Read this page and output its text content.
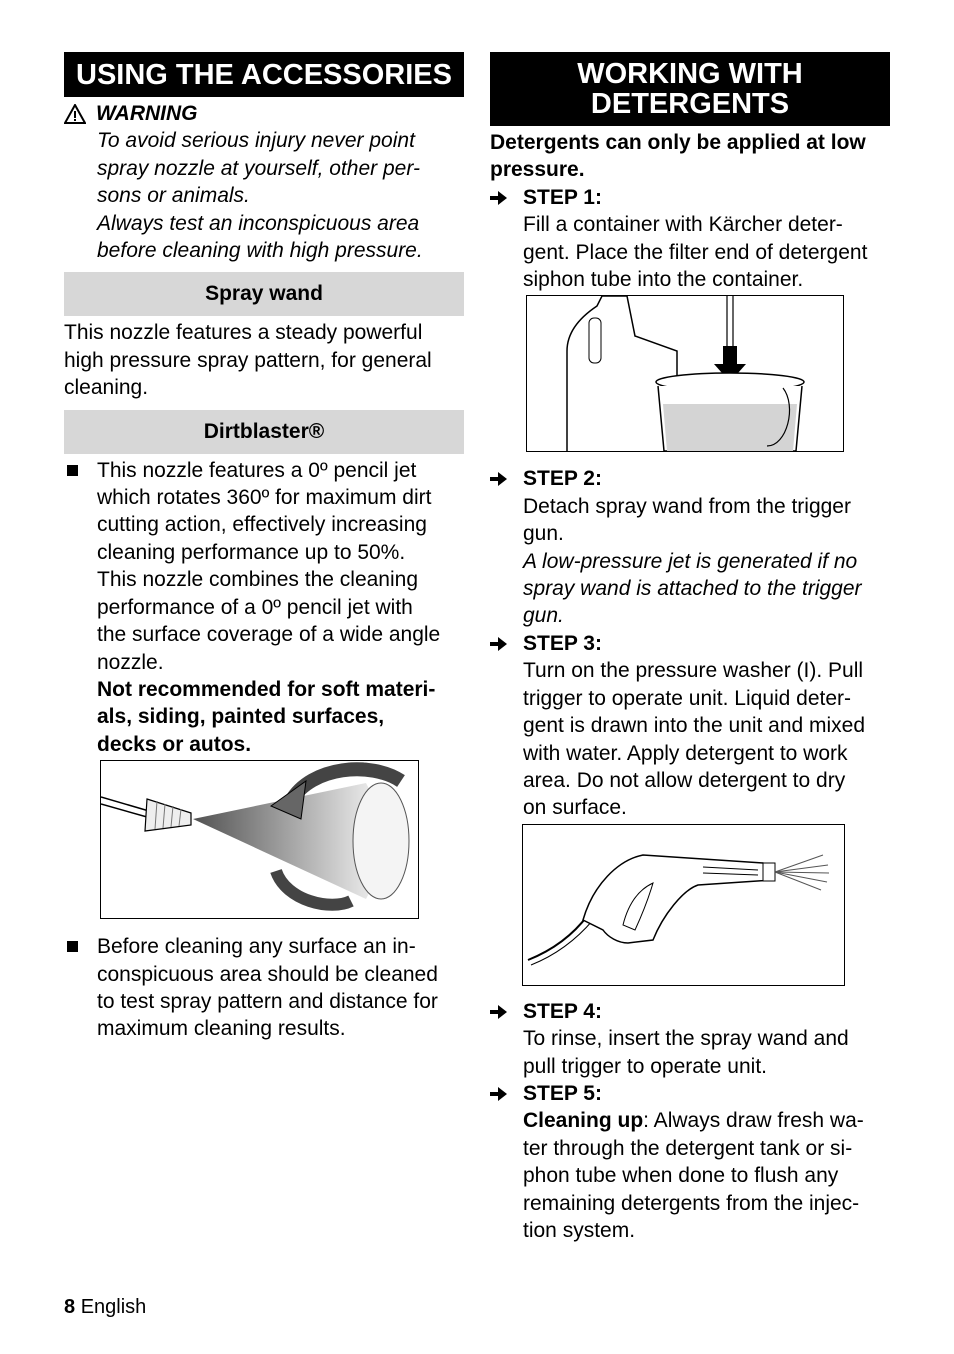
USING THE ACCESSORIES
WARNING
To avoid serious injury never point
spray nozzle at yourself, other per-
sons or animals.
Always test an inconspicuous area
before cleaning with high pressure.
Spray wand
This nozzle features a steady powerful
high pressure spray pattern, for general
cleaning.
Dirtblaster®
This nozzle features a 0º pencil jet
which rotates 360º for maximum dirt
cutting action, effectively increasing
cleaning performance up to 50%.
This nozzle combines the cleaning
performance of a 0º pencil jet with
the surface coverage of a wide angle
nozzle.
Not recommended for soft materi-
als, siding, painted surfaces,
decks or autos.
Before cleaning any surface an in-
conspicuous area should be cleaned
to test spray pattern and distance for
maximum cleaning results.
WORKING WITH
DETERGENTS
Detergents can only be applied at low
pressure.
STEP 1:
Fill a container with Kärcher deter-
gent. Place the filter end of detergent
siphon tube into the container.
STEP 2:
Detach spray wand from the trigger
gun.
A low-pressure jet is generated if no
spray wand is attached to the trigger
gun.
STEP 3:
Turn on the pressure washer (I). Pull
trigger to operate unit. Liquid deter-
gent is drawn into the unit and mixed
with water. Apply detergent to work
area. Do not allow detergent to dry
on surface.
STEP 4:
To rinse, insert the spray wand and
pull trigger to operate unit.
STEP 5:
Cleaning up: Always draw fresh wa-
ter through the detergent tank or si-
phon tube when done to flush any
remaining detergents from the injec-
tion system.
8 English
